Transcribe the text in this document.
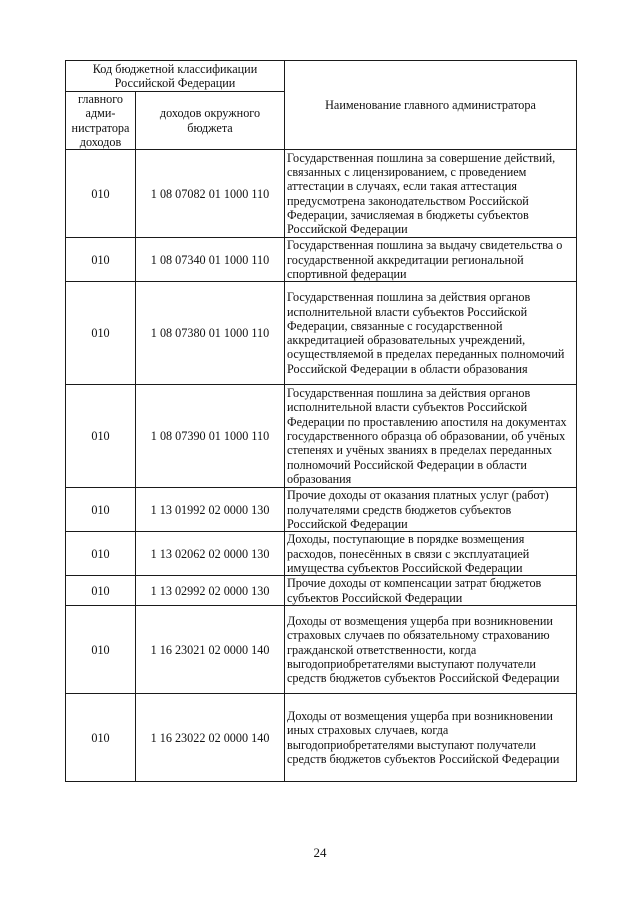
Код бюджетной классификации Российской Федерации		Наименование главного администратора
главного адми-нистратора доходов	доходов окружного бюджета	
010	1 08 07082 01 1000 110	Государственная пошлина за совершение действий, связанных с лицензированием, с проведением аттестации в случаях, если такая аттестация предусмотрена законодательством Российской Федерации, зачисляемая в бюджеты субъектов Российской Федерации
010	1 08 07340 01 1000 110	Государственная пошлина за выдачу свидетельства о государственной аккредитации региональной спортивной федерации
010	1 08 07380 01 1000 110	Государственная пошлина за действия органов исполнительной власти субъектов Российской Федерации, связанные с государственной аккредитацией образовательных учреждений, осуществляемой в пределах переданных полномочий Российской Федерации в области образования
010	1 08 07390 01 1000 110	Государственная пошлина за действия органов исполнительной власти субъектов Российской Федерации по проставлению апостиля на документах государственного образца об образовании, об учёных степенях и учёных званиях в пределах переданных полномочий Российской Федерации в области образования
010	1 13 01992 02 0000 130	Прочие доходы от оказания платных услуг (работ) получателями средств бюджетов субъектов Российской Федерации
010	1 13 02062 02 0000 130	Доходы, поступающие в порядке возмещения расходов, понесённых в связи с эксплуатацией имущества субъектов Российской Федерации
010	1 13 02992 02 0000 130	Прочие доходы от компенсации затрат бюджетов субъектов Российской Федерации
010	1 16 23021 02 0000 140	Доходы от возмещения ущерба при возникновении страховых случаев по обязательному страхованию гражданской ответственности, когда выгодоприобретателями выступают получатели средств бюджетов субъектов Российской Федерации
010	1 16 23022 02 0000 140	Доходы от возмещения ущерба при возникновении иных страховых случаев, когда выгодоприобретателями выступают получатели средств бюджетов субъектов Российской Федерации
24
